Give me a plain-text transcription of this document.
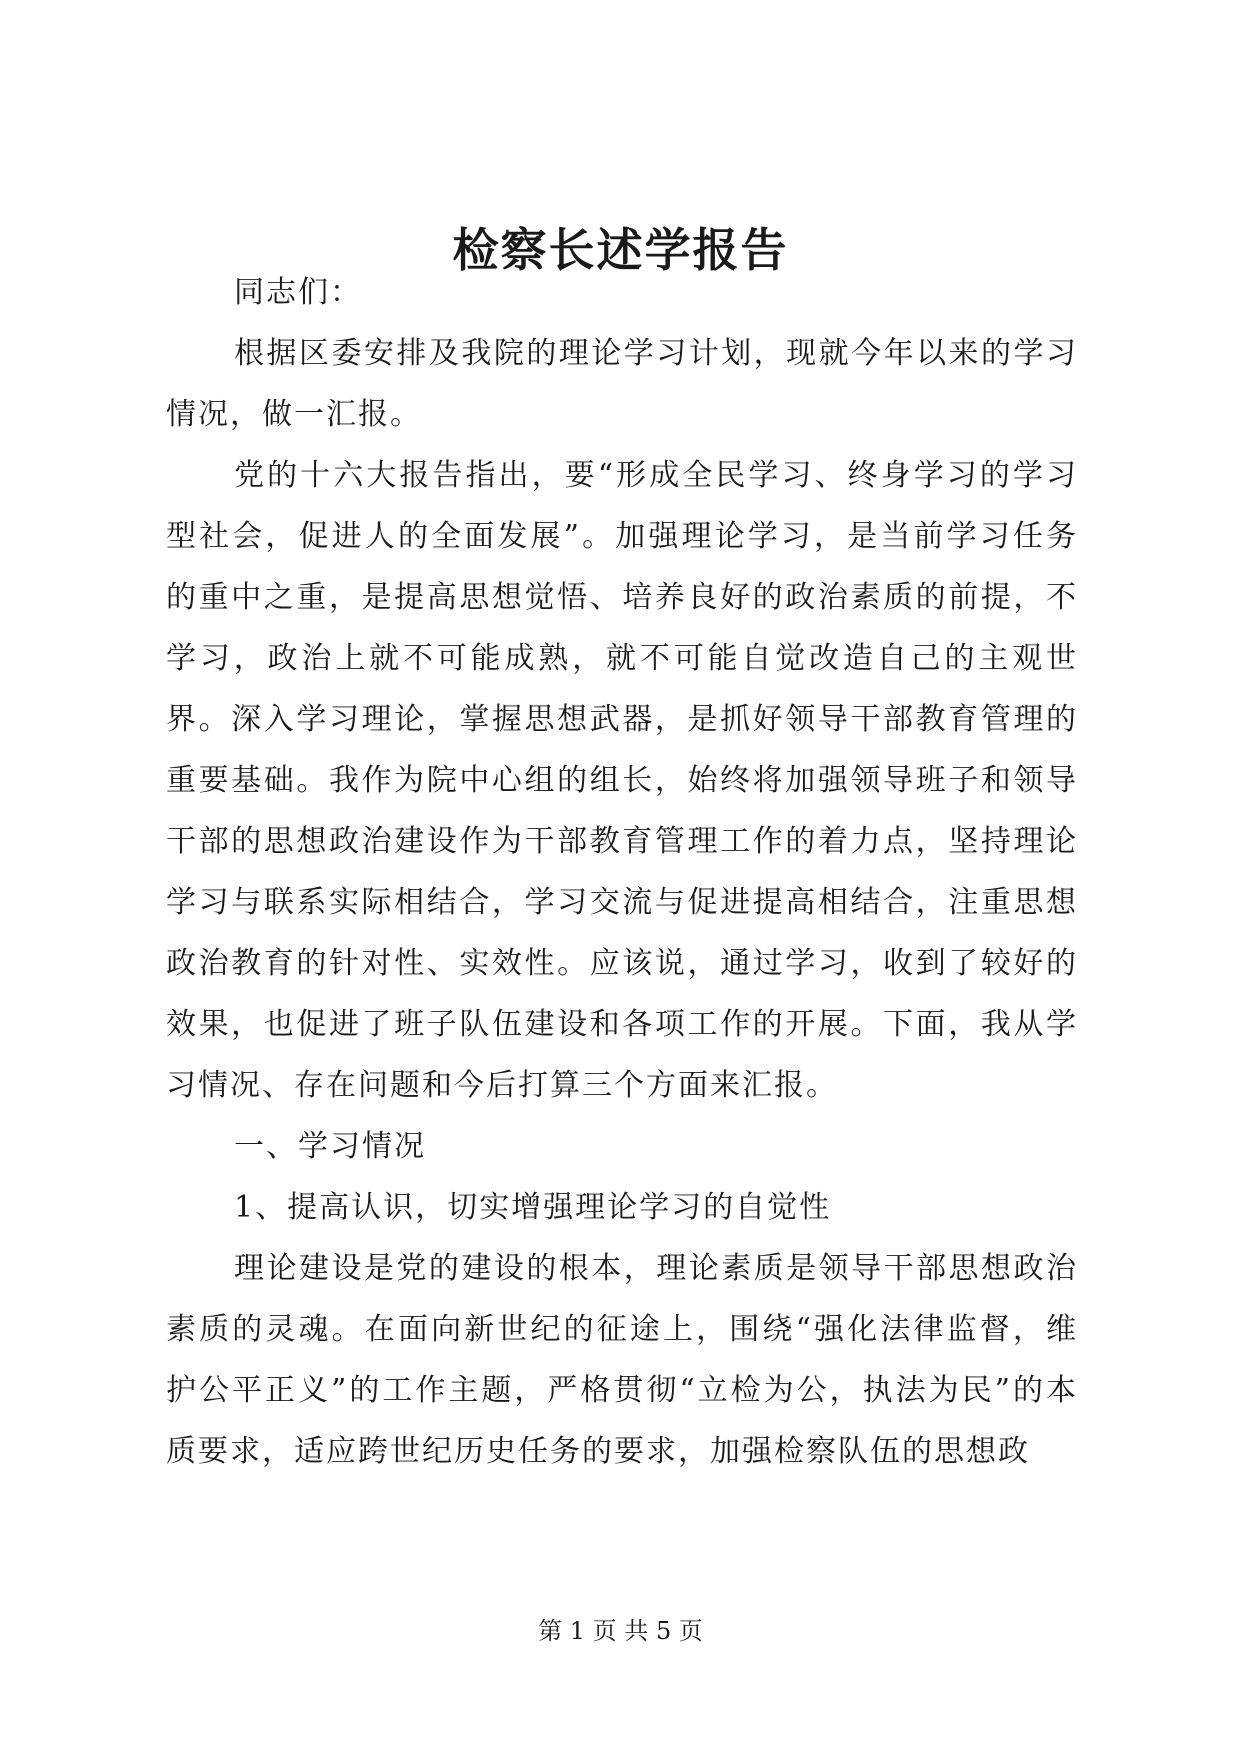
检察长述学报告

同志们：

根据区委安排及我院的理论学习计划，现就今年以来的学习情况，做一汇报。

党的十六大报告指出，要“形成全民学习、终身学习的学习型社会，促进人的全面发展”。加强理论学习，是当前学习任务的重中之重，是提高思想觉悟、培养良好的政治素质的前提，不学习，政治上就不可能成熟，就不可能自觉改造自己的主观世界。深入学习理论，掌握思想武器，是抓好领导干部教育管理的重要基础。我作为院中心组的组长，始终将加强领导班子和领导干部的思想政治建设作为干部教育管理工作的着力点，坚持理论学习与联系实际相结合，学习交流与促进提高相结合，注重思想政治教育的针对性、实效性。应该说，通过学习，收到了较好的效果，也促进了班子队伍建设和各项工作的开展。下面，我从学习情况、存在问题和今后打算三个方面来汇报。

一、学习情况

1、提高认识，切实增强理论学习的自觉性

理论建设是党的建设的根本，理论素质是领导干部思想政治素质的灵魂。在面向新世纪的征途上，围绕“强化法律监督，维护公平正义”的工作主题，严格贯彻“立检为公，执法为民”的本质要求，适应跨世纪历史任务的要求，加强检察队伍的思想政

第 1 页 共 5 页
